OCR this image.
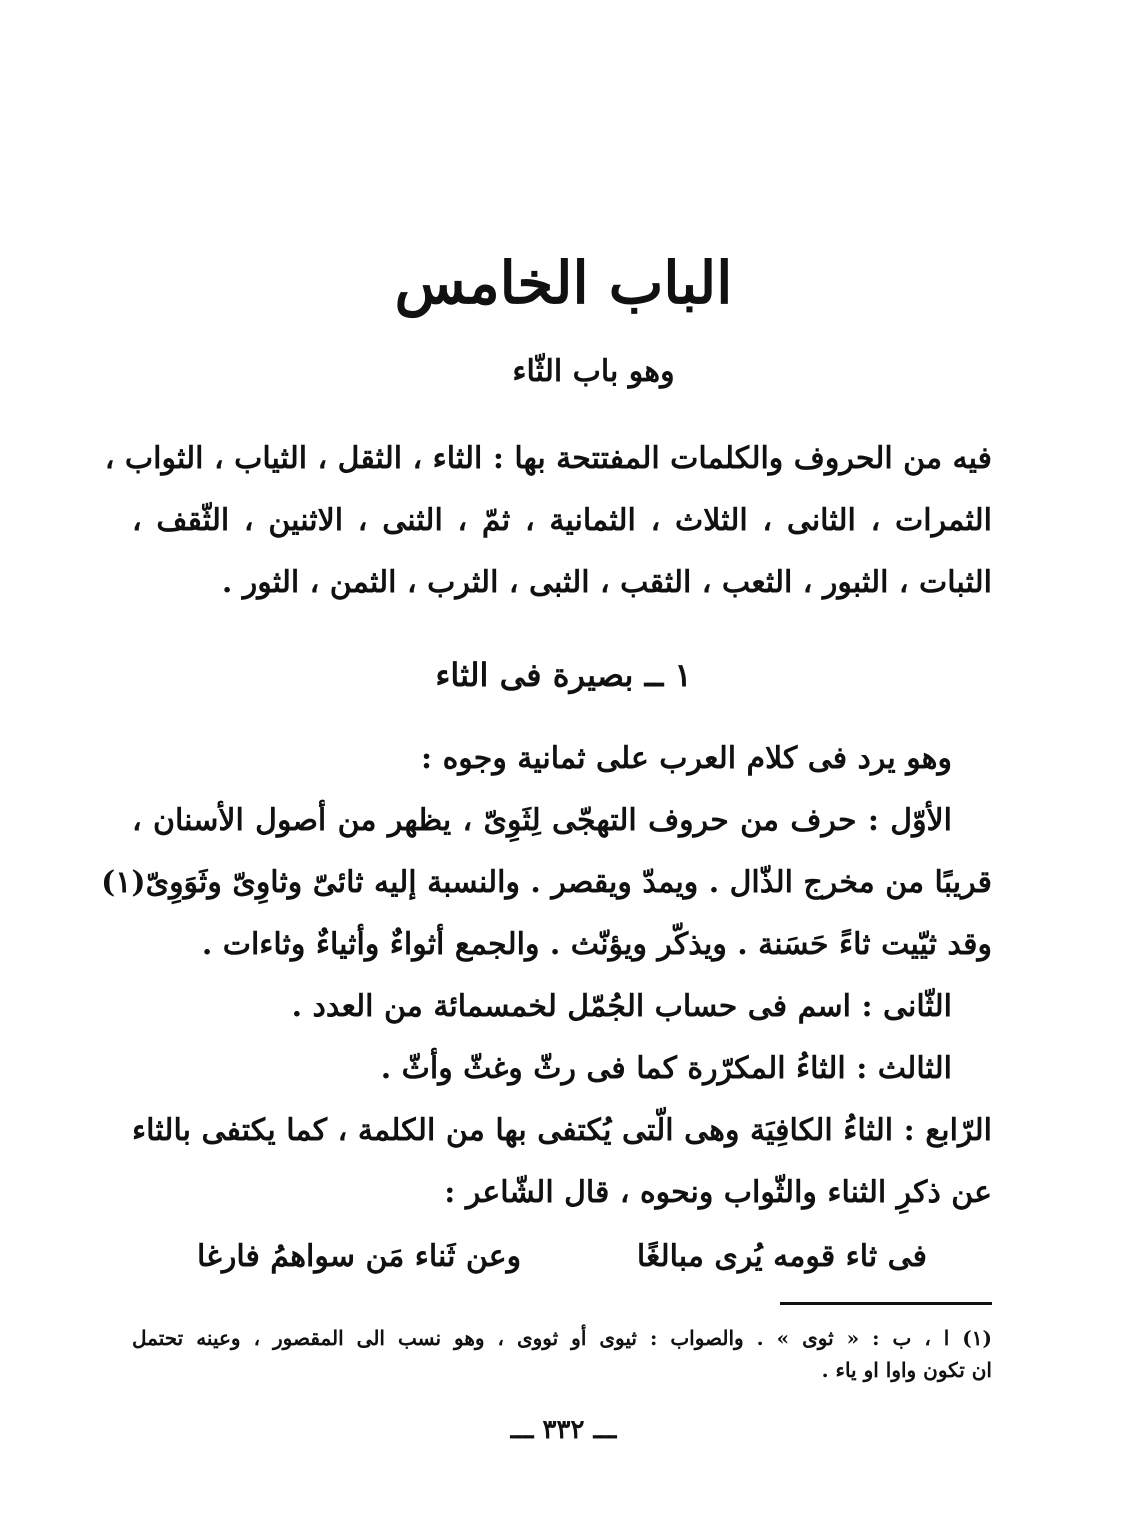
الباب الخامس
وهو باب الثّاء
فيه من الحروف والكلمات المفتتحة بها : الثاء ، الثقل ، الثياب ، الثواب ،
الثمرات ، الثانى ، الثلاث ، الثمانية ، ثمّ ، الثنى ، الاثنين ، الثّقف ،
الثبات ، الثبور ، الثعب ، الثقب ، الثبى ، الثرب ، الثمن ، الثور .
١ ــ بصيرة فى الثاء
وهو يرد فى كلام العرب على ثمانية وجوه :
الأوّل : حرف من حروف التهجّى لِثَوِىّ ، يظهر من أصول الأسنان ،
قريبًا من مخرج الذّال . ويمدّ ويقصر . والنسبة إليه ثائىّ وثاوِىّ وثَوَوِىّ(١)
وقد ثيّيت ثاءً حَسَنة . ويذكّر ويؤنّث . والجمع أثواءٌ وأثياءٌ وثاءات .
الثّانى : اسم فى حساب الجُمّل لخمسمائة من العدد .
الثالث : الثاءُ المكرّرة كما فى رثّ وغثّ وأثّ .
الرّابع : الثاءُ الكافِيَة وهى الّتى يُكتفى بها من الكلمة ، كما يكتفى بالثاء
عن ذكرِ الثناء والثّواب ونحوه ، قال الشّاعر :
فى ثاء قومه يُرى مبالغًا
وعن ثَناء مَن سواهمُ فارغا
(١) ا ، ب : « ثوى » . والصواب : ثيوى أو ثووى ، وهو نسب الى المقصور ، وعينه تحتمل
ان تكون واوا او ياء .
ـــ ٣٣٢ ـــ
